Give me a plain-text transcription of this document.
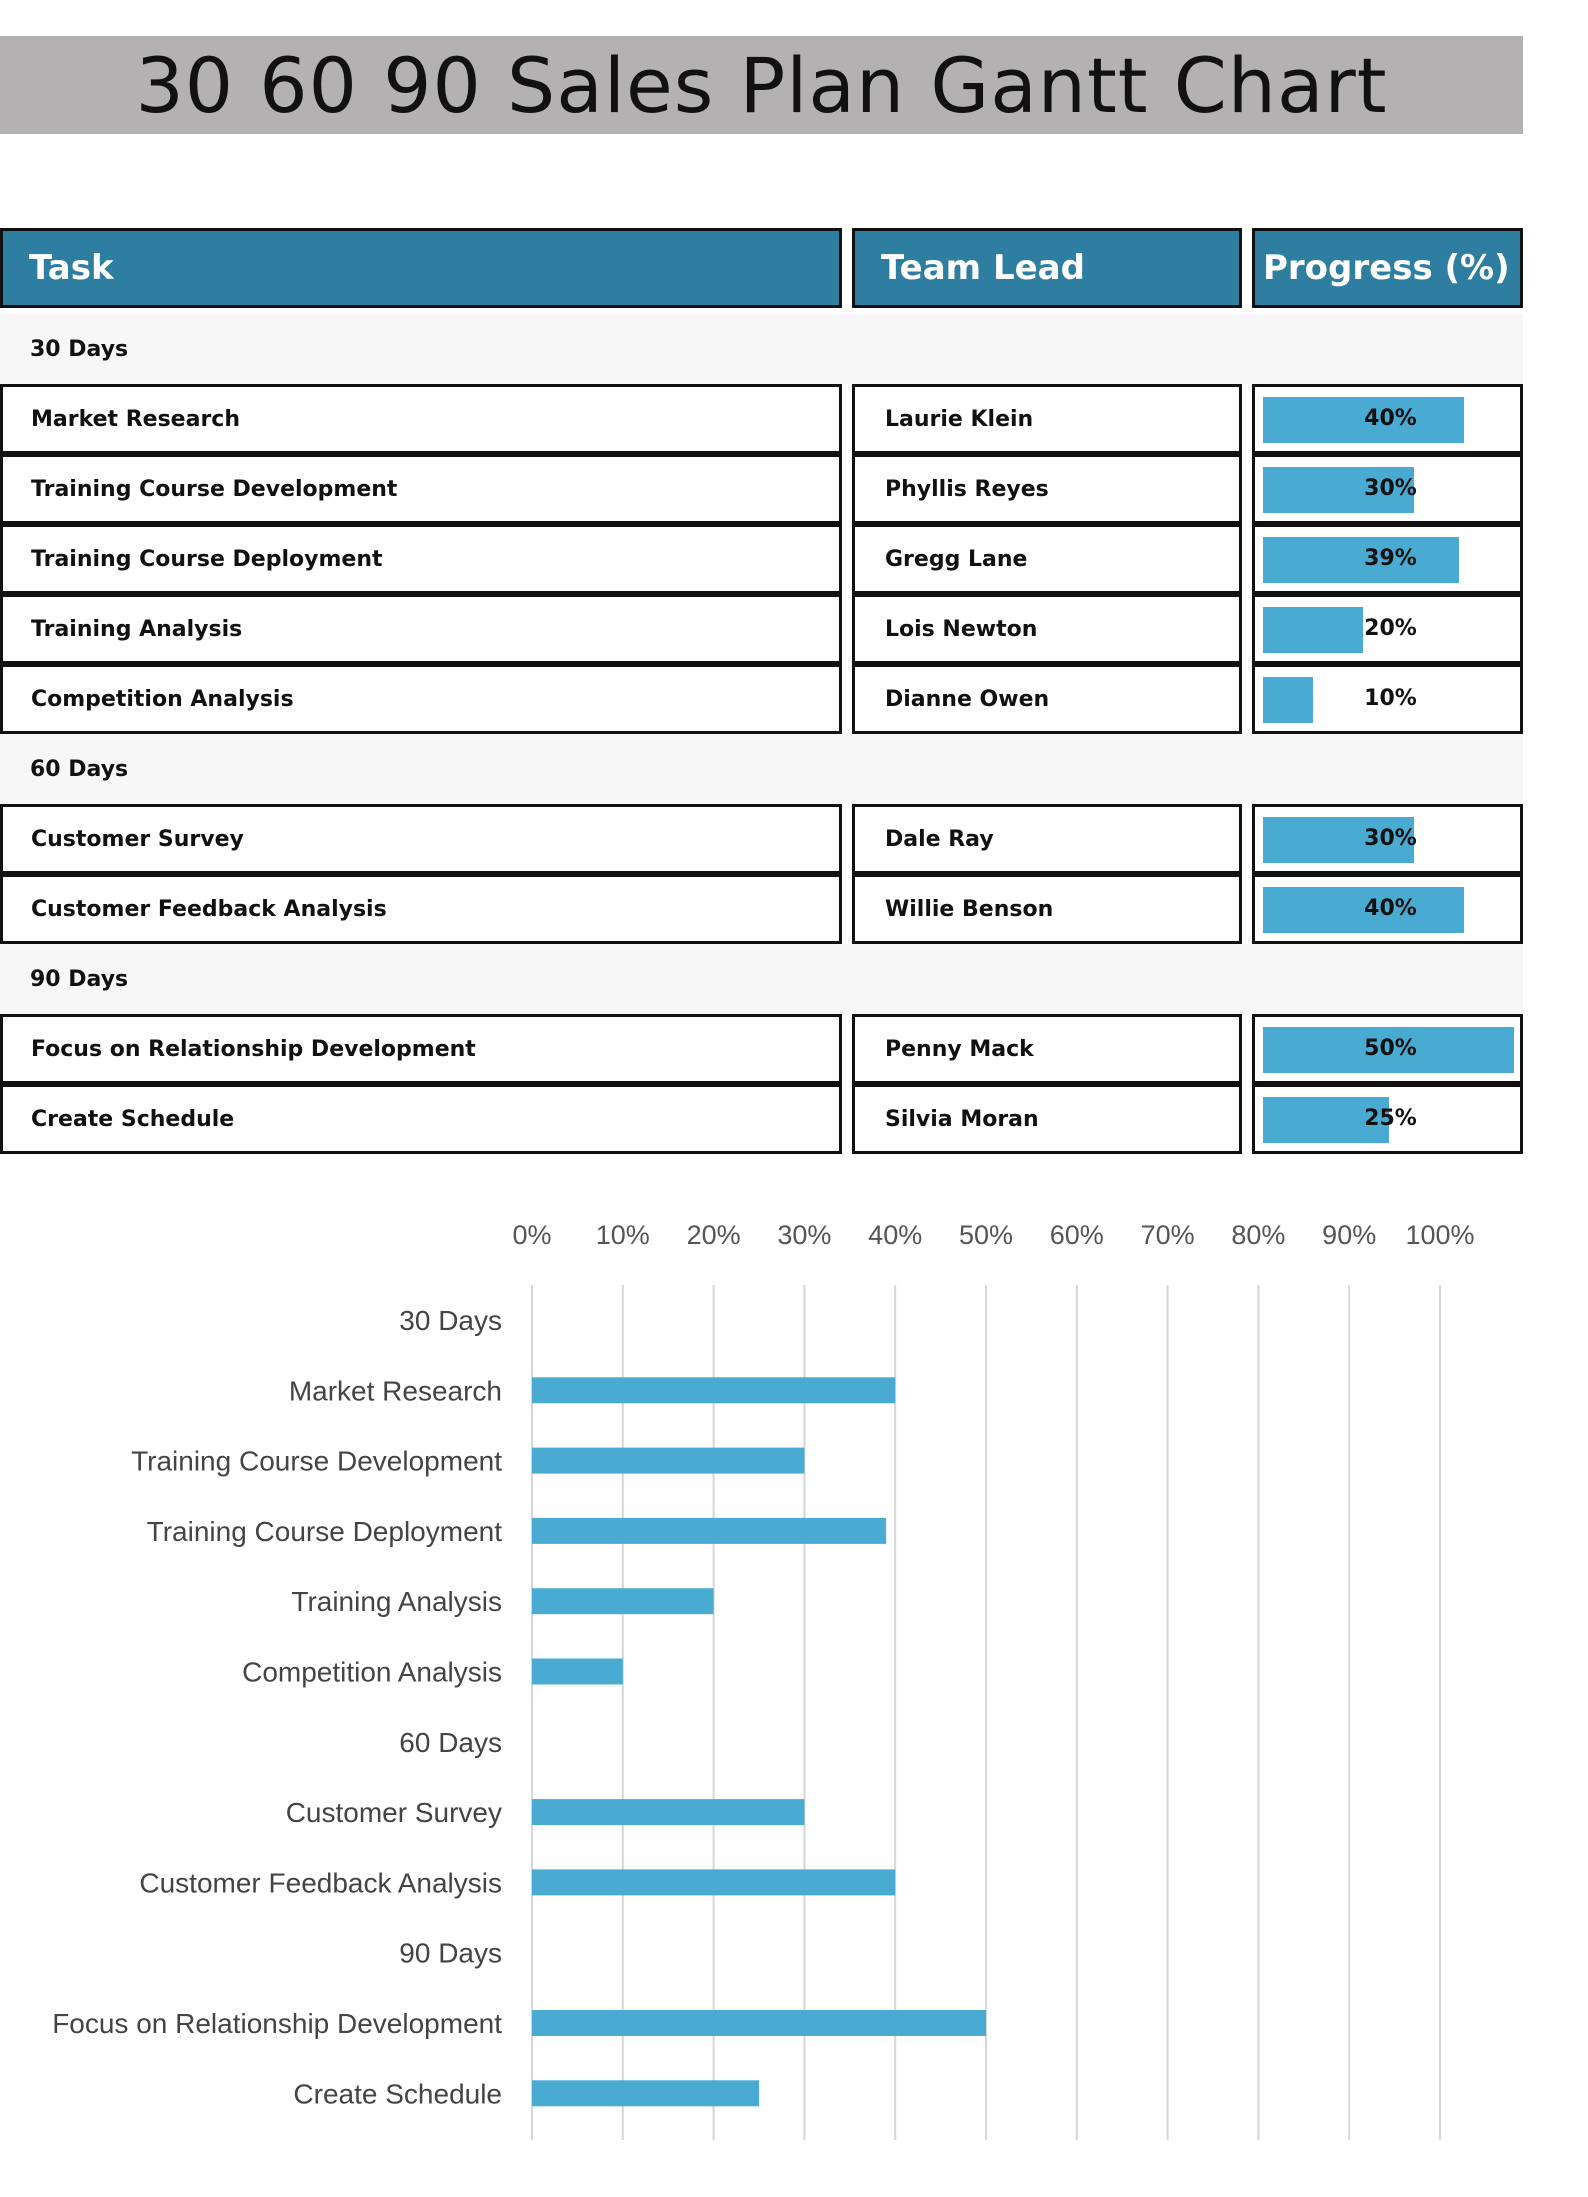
30 60 90 Sales Plan Gantt Chart
Task	Team Lead	Progress (%)
30 Days
Market Research	Laurie Klein	40%
Training Course Development	Phyllis Reyes	30%
Training Course Deployment	Gregg Lane	39%
Training Analysis	Lois Newton	20%
Competition Analysis	Dianne Owen	10%
60 Days
Customer Survey	Dale Ray	30%
Customer Feedback Analysis	Willie Benson	40%
90 Days
Focus on Relationship Development	Penny Mack	50%
Create Schedule	Silvia Moran	25%
0% 10% 20% 30% 40% 50% 60% 70% 80% 90% 100%
30 Days
Market Research
Training Course Development
Training Course Deployment
Training Analysis
Competition Analysis
60 Days
Customer Survey
Customer Feedback Analysis
90 Days
Focus on Relationship Development
Create Schedule
